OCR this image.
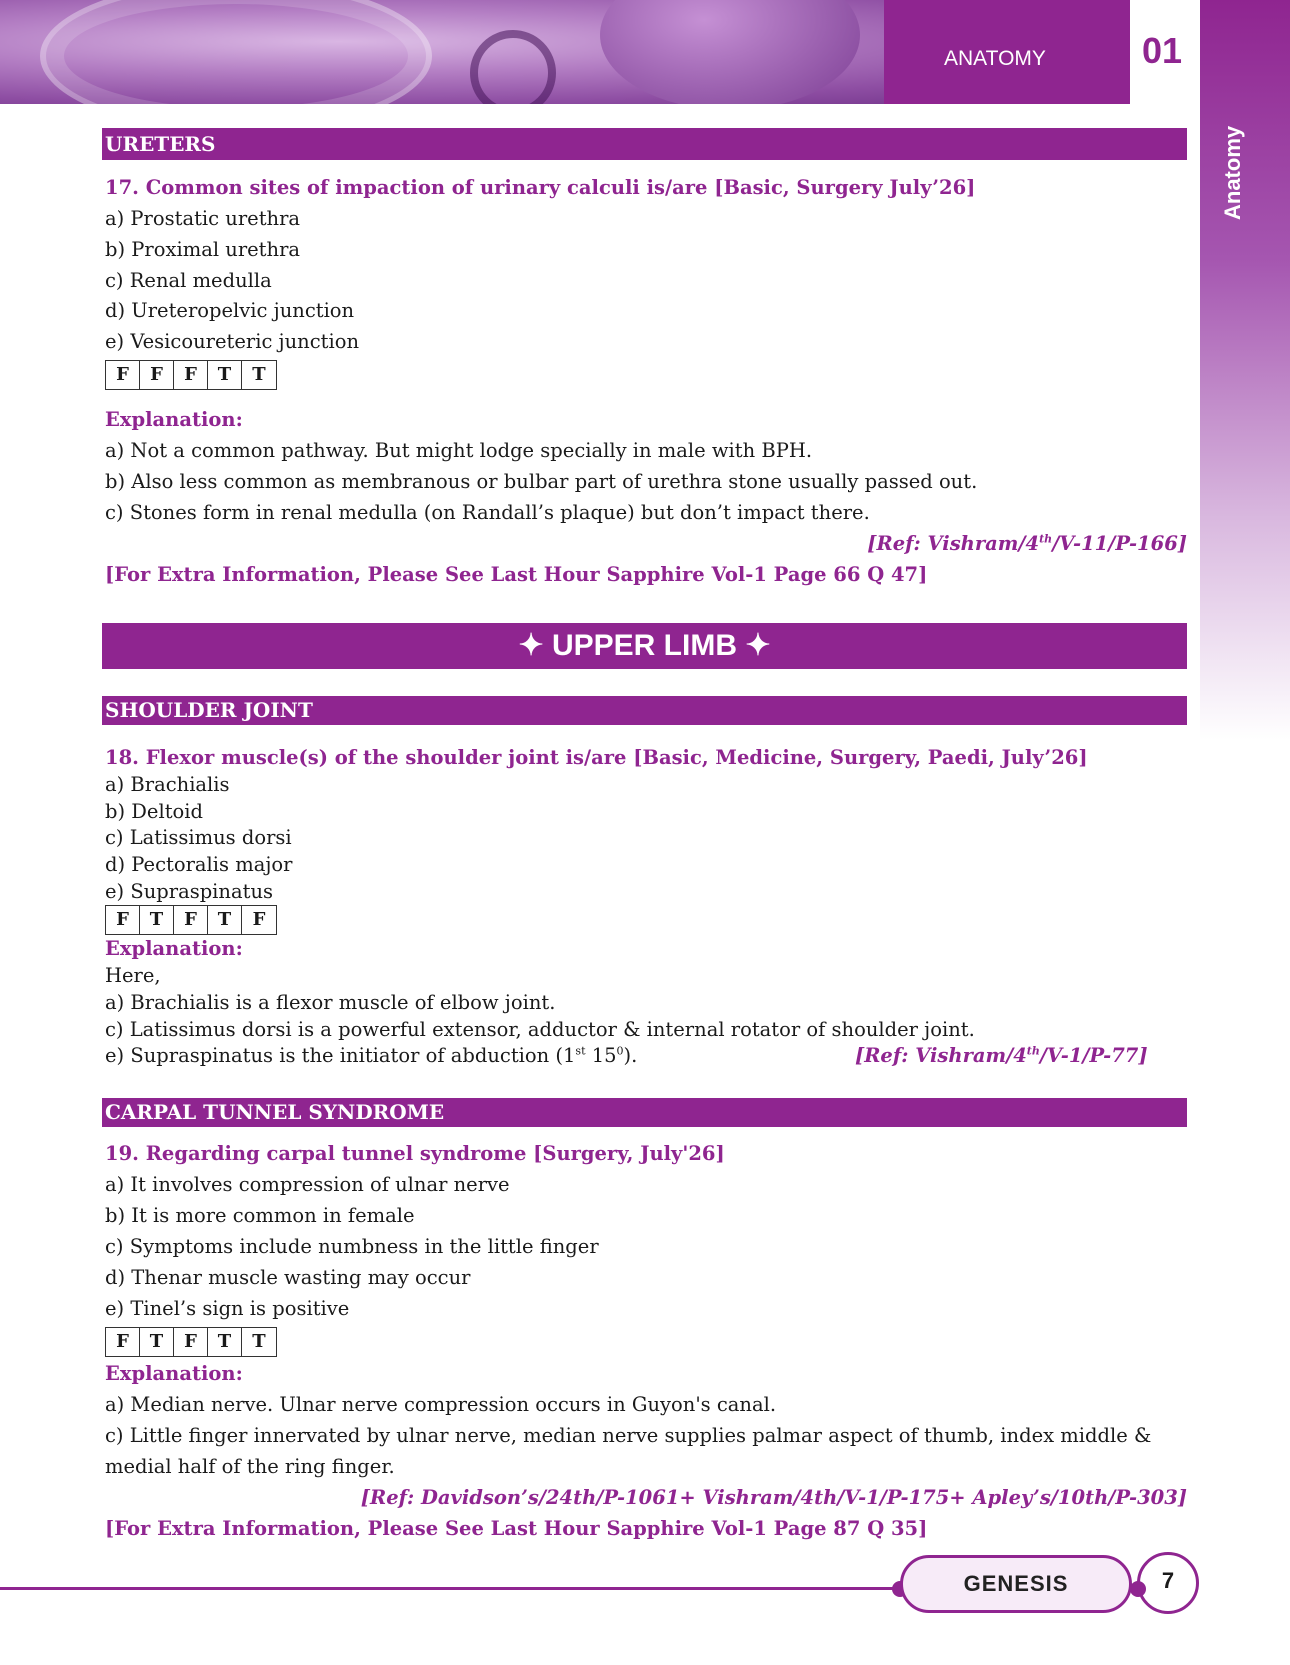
ANATOMY	01
Anatomy
URETERS
17. Common sites of impaction of urinary calculi is/are [Basic, Surgery July’26]
a) Prostatic urethra
b) Proximal urethra
c) Renal medulla
d) Ureteropelvic junction
e) Vesicoureteric junction
F	F	F	T	T
Explanation:
a) Not a common pathway. But might lodge specially in male with BPH.
b) Also less common as membranous or bulbar part of urethra stone usually passed out.
c) Stones form in renal medulla (on Randall’s plaque) but don’t impact there.
[Ref: Vishram/4th/V-11/P-166]
[For Extra Information, Please See Last Hour Sapphire Vol-1 Page 66 Q 47]
✦ UPPER LIMB ✦
SHOULDER JOINT
18. Flexor muscle(s) of the shoulder joint is/are [Basic, Medicine, Surgery, Paedi, July’26]
a) Brachialis
b) Deltoid
c) Latissimus dorsi
d) Pectoralis major
e) Supraspinatus
F	T	F	T	F
Explanation:
Here,
a) Brachialis is a flexor muscle of elbow joint.
c) Latissimus dorsi is a powerful extensor, adductor & internal rotator of shoulder joint.
e) Supraspinatus is the initiator of abduction (1st $15^0$).	[Ref: Vishram/4th/V-1/P-77]
CARPAL TUNNEL SYNDROME
19. Regarding carpal tunnel syndrome [Surgery, July'26]
a) It involves compression of ulnar nerve
b) It is more common in female
c) Symptoms include numbness in the little finger
d) Thenar muscle wasting may occur
e) Tinel’s sign is positive
F	T	F	T	T
Explanation:
a) Median nerve. Ulnar nerve compression occurs in Guyon's canal.
c) Little finger innervated by ulnar nerve, median nerve supplies palmar aspect of thumb, index middle &
medial half of the ring finger.
[Ref: Davidson’s/24th/P-1061+ Vishram/4th/V-1/P-175+ Apley’s/10th/P-303]
[For Extra Information, Please See Last Hour Sapphire Vol-1 Page 87 Q 35]
GENESIS	7
